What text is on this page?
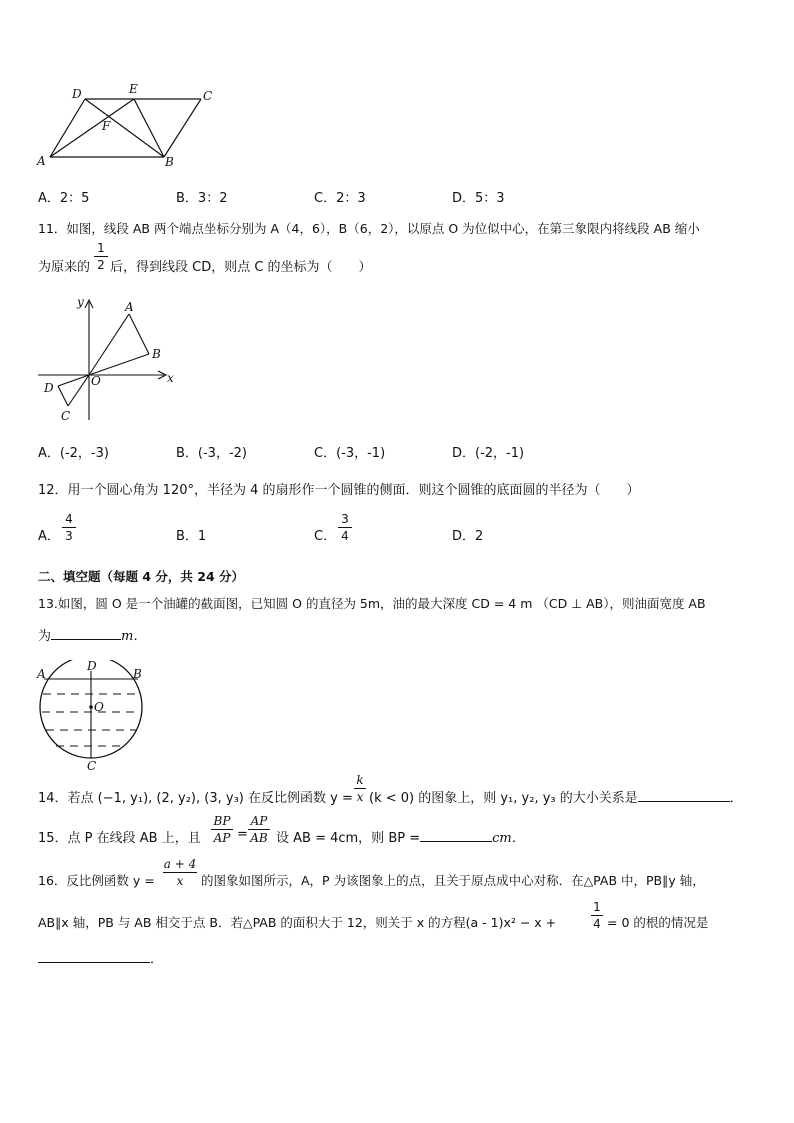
D	E	C
F
A	B
A．2：5	B．3：2	C．2：3	D．5：3
11．如图，线段 AB 两个端点坐标分别为 A（4，6），B（6，2），以原点 O 为位似中心，在第三象限内将线段 AB 缩小
为原来的
1
2 后，得到线段 CD，则点 C 的坐标为（　　）
y	A
B
O	x
D
C
A．(-2，-3)	B．(-3，-2)	C．(-3，-1)	D．(-2，-1)
12．用一个圆心角为 120°，半径为 4 的扇形作一个圆锥的侧面．则这个圆锥的底面圆的半径为（　　）
A．
4
3	B．1	C．
3
4	D．2
二、填空题（每题 4 分，共 24 分）
13.如图，圆 O 是一个油罐的截面图，已知圆 O 的直径为 5m，油的最大深度 CD = 4 m （CD ⊥ AB），则油面宽度 AB
为	m．
A
D
B
O
C
14．若点 (−1, y₁), (2, y₂), (3, y₃) 在反比例函数 y =
k
x (k < 0) 的图象上，则 y₁, y₂, y₃ 的大小关系是	．
15．点 P 在线段 AB 上，且
BP
AP =
AP
AB 设 AB = 4cm，则 BP =	cm．
16．反比例函数 y =
a + 4
x	的图象如图所示，A，P 为该图象上的点，且关于原点成中心对称．在△PAB 中，PB∥y 轴，
AB∥x 轴，PB 与 AB 相交于点 B．若△PAB 的面积大于 12，则关于 x 的方程(a - 1)x² − x +
1
4 = 0 的根的情况是
．
